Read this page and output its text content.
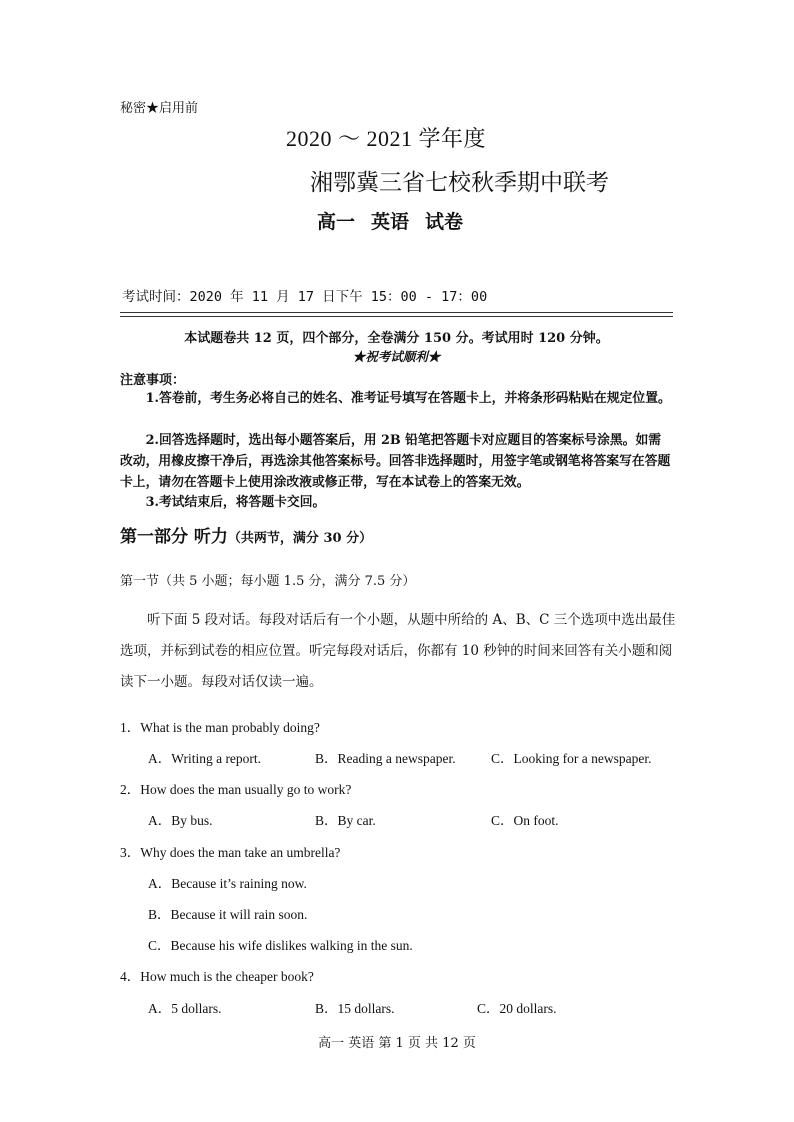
秘密★启用前
2020 ～ 2021 学年度
湘鄂冀三省七校秋季期中联考
高一 英语 试卷
考试时间：2020 年 11 月 17 日下午 15：00 - 17：00
本试题卷共 12 页，四个部分，全卷满分 150 分。考试用时 120 分钟。
★祝考试顺利★
注意事项：

1.答卷前，考生务必将自己的姓名、准考证号填写在答题卡上，并将条形码粘贴在规定位置。

2.回答选择题时，选出每小题答案后，用 2B 铅笔把答题卡对应题目的答案标号涂黑。如需改动，用橡皮擦干净后，再选涂其他答案标号。回答非选择题时，用签字笔或钢笔将答案写在答题卡上，请勿在答题卡上使用涂改液或修正带，写在本试卷上的答案无效。

3.考试结束后，将答题卡交回。

第一部分 听力（共两节，满分 30 分）
第一节（共 5 小题；每小题 1.5 分，满分 7.5 分）
听下面 5 段对话。每段对话后有一个小题，从题中所给的 A、B、C 三个选项中选出最佳选项，并标到试卷的相应位置。听完每段对话后，你都有 10 秒钟的时间来回答有关小题和阅读下一小题。每段对话仅读一遍。
1．What is the man probably doing?
A．Writing a report.	B．Reading a newspaper.	C．Looking for a newspaper.
2．How does the man usually go to work?
A．By bus.	B．By car.	C．On foot.
3．Why does the man take an umbrella?
A．Because it’s raining now.
B．Because it will rain soon.
C．Because his wife dislikes walking in the sun.
4．How much is the cheaper book?
A．5 dollars.	B．15 dollars.	C．20 dollars.
高一 英语 第 1 页 共 12 页
